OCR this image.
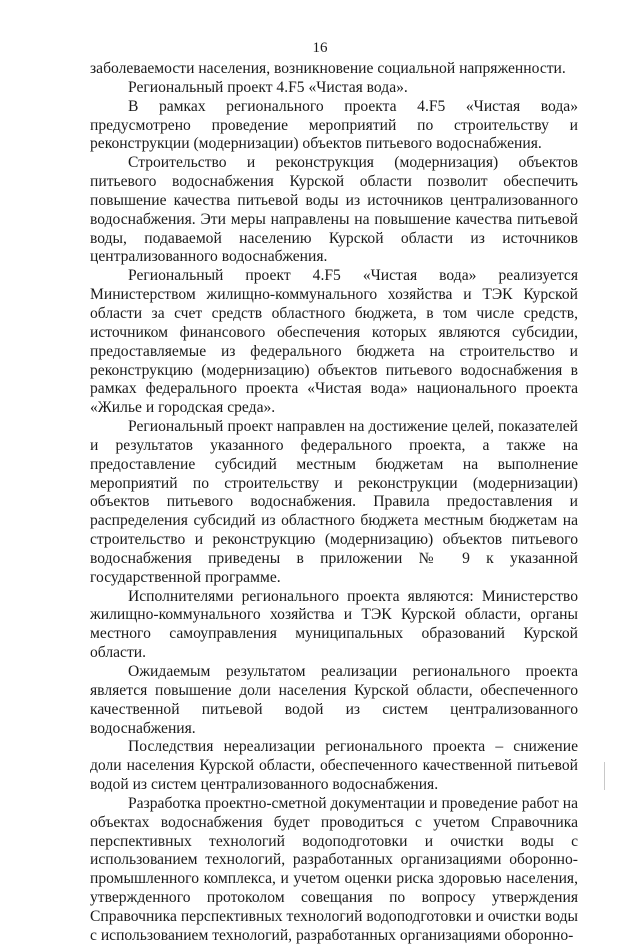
16

заболеваемости населения, возникновение социальной напряженности.

Региональный проект 4.F5 «Чистая вода».

В рамках регионального проекта 4.F5 «Чистая вода» предусмотрено проведение мероприятий по строительству и реконструкции (модернизации) объектов питьевого водоснабжения.

Строительство и реконструкция (модернизация) объектов питьевого водоснабжения Курской области позволит обеспечить повышение качества питьевой воды из источников централизованного водоснабжения. Эти меры направлены на повышение качества питьевой воды, подаваемой населению Курской области из источников централизованного водоснабжения.

Региональный проект 4.F5 «Чистая вода» реализуется Министерством жилищно-коммунального хозяйства и ТЭК Курской области за счет средств областного бюджета, в том числе средств, источником финансового обеспечения которых являются субсидии, предоставляемые из федерального бюджета на строительство и реконструкцию (модернизацию) объектов питьевого водоснабжения в рамках федерального проекта «Чистая вода» национального проекта «Жилье и городская среда».

Региональный проект направлен на достижение целей, показателей и результатов указанного федерального проекта, а также на предоставление субсидий местным бюджетам на выполнение мероприятий по строительству и реконструкции (модернизации) объектов питьевого водоснабжения. Правила предоставления и распределения субсидий из областного бюджета местным бюджетам на строительство и реконструкцию (модернизацию) объектов питьевого водоснабжения приведены в приложении № 9 к указанной государственной программе.

Исполнителями регионального проекта являются: Министерство жилищно-коммунального хозяйства и ТЭК Курской области, органы местного самоуправления муниципальных образований Курской области.

Ожидаемым результатом реализации регионального проекта является повышение доли населения Курской области, обеспеченного качественной питьевой водой из систем централизованного водоснабжения.

Последствия нереализации регионального проекта – снижение доли населения Курской области, обеспеченного качественной питьевой водой из систем централизованного водоснабжения.

Разработка проектно-сметной документации и проведение работ на объектах водоснабжения будет проводиться с учетом Справочника перспективных технологий водоподготовки и очистки воды с использованием технологий, разработанных организациями оборонно-промышленного комплекса, и учетом оценки риска здоровью населения, утвержденного протоколом совещания по вопросу утверждения Справочника перспективных технологий водоподготовки и очистки воды с использованием технологий, разработанных организациями оборонно-
